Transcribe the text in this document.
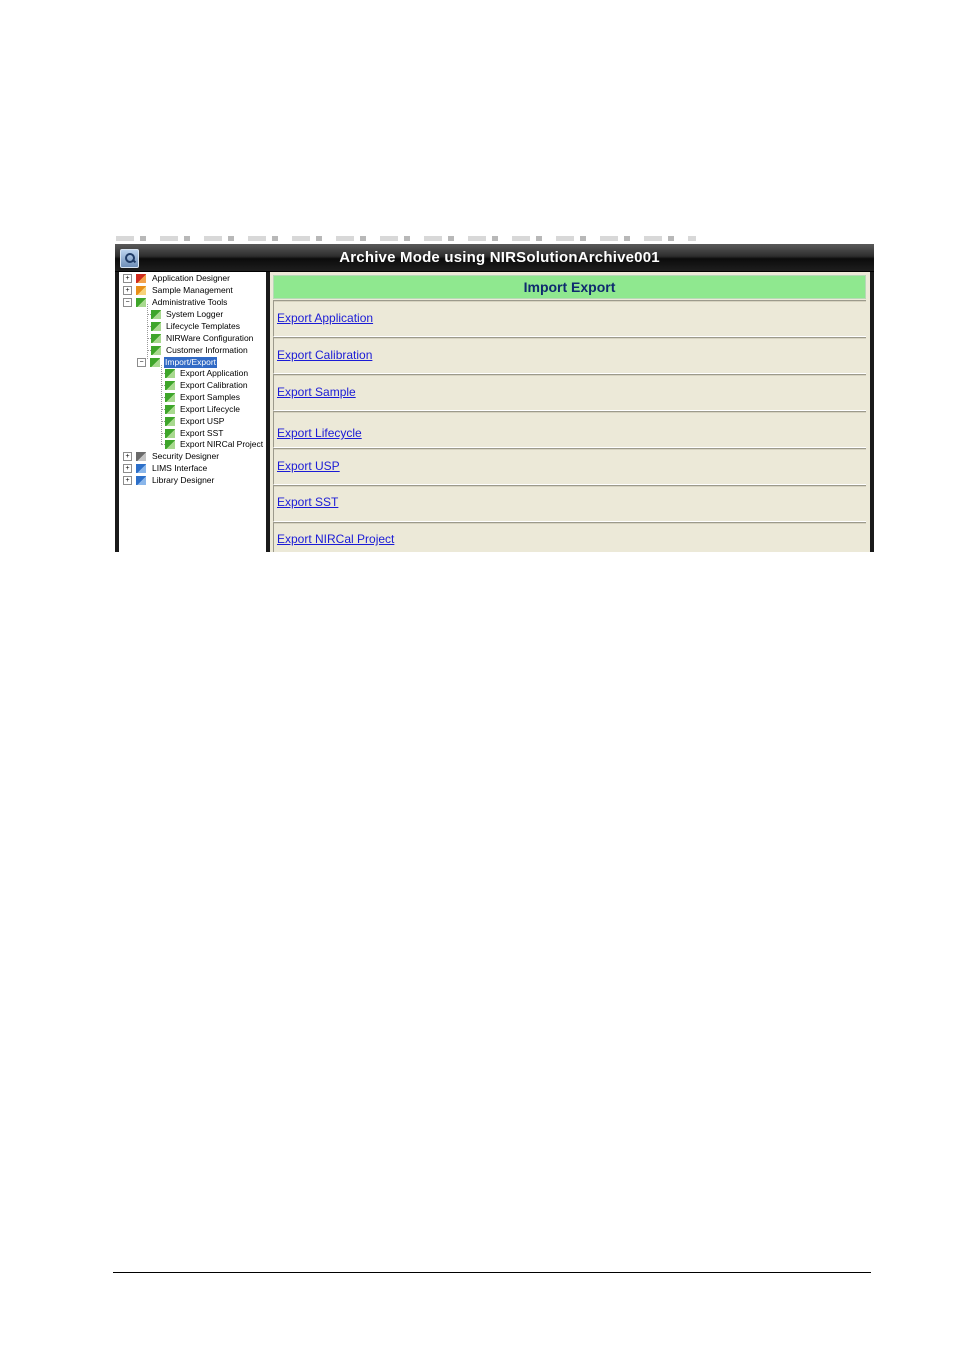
Archive Mode using NIRSolutionArchive001
+	Application Designer
+	Sample Management
−	Administrative Tools
System Logger
Lifecycle Templates
NIRWare Configuration
Customer Information
−	Import/Export
Export Application
Export Calibration
Export Samples
Export Lifecycle
Export USP
Export SST
Export NIRCal Project
+	Security Designer
+	LIMS Interface
+	Library Designer
Import Export
Export Application
Export Calibration
Export Sample
Export Lifecycle
Export USP
Export SST
Export NIRCal Project
